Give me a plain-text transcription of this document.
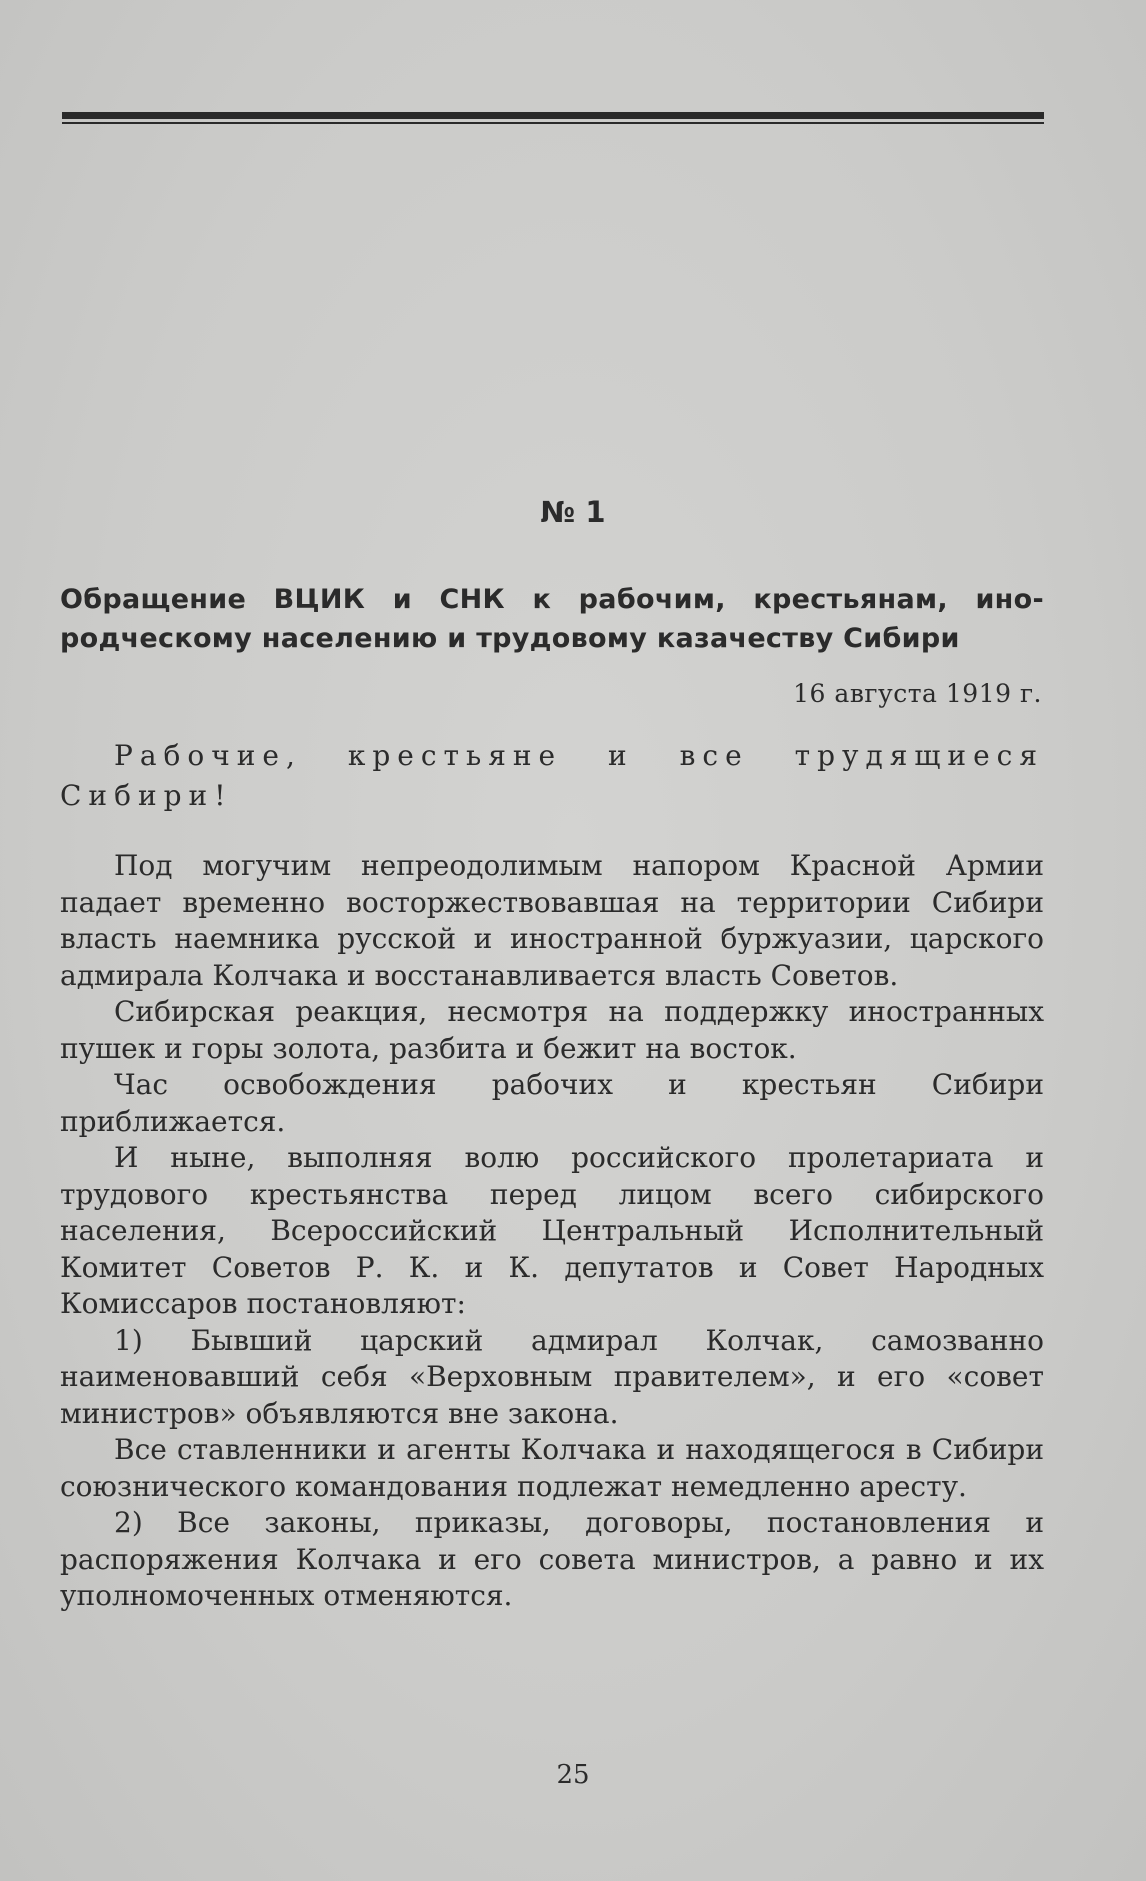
№ 1
Обращение ВЦИК и СНК к рабочим, крестьянам, ино-
родческому населению и трудовому казачеству Сибири
16 августа 1919 г.
Рабочие, крестьяне и все трудящиеся
Сибири!

Под могучим непреодолимым напором Красной Армии падает временно восторжествовавшая на территории Сибири власть наемника русской и иностранной буржуазии, царского адмирала Колчака и восстанавливается власть Советов.

Сибирская реакция, несмотря на поддержку иностранных пушек и горы золота, разбита и бежит на восток.

Час освобождения рабочих и крестьян Сибири приближается.

И ныне, выполняя волю российского пролетариата и трудового крестьянства перед лицом всего сибирского населения, Всероссийский Центральный Исполнительный Комитет Советов Р. К. и К. депутатов и Совет Народных Комиссаров постановляют:

1) Бывший царский адмирал Колчак, самозванно наименовавший себя «Верховным правителем», и его «совет министров» объявляются вне закона.

Все ставленники и агенты Колчака и находящегося в Сибири союзнического командования подлежат немедленно аресту.

2) Все законы, приказы, договоры, постановления и распоряжения Колчака и его совета министров, а равно и их уполномоченных отменяются.

25
